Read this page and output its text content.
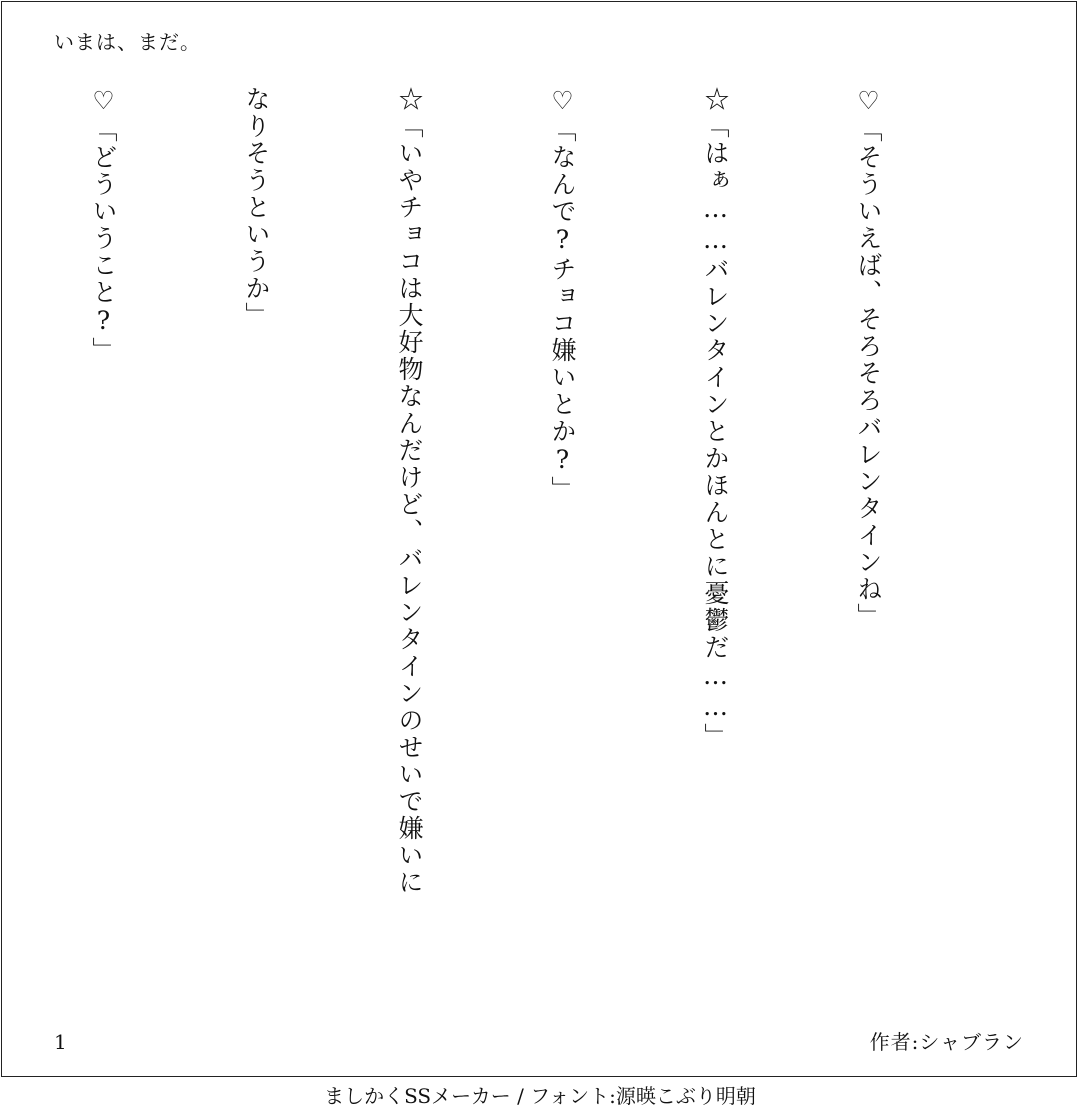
いまは、まだ。

♡「そういえば、そろそろバレンタインね」

☆「はぁ……バレンタインとかほんとに憂鬱だ……」

♡「なんで?チョコ嫌いとか?」

☆「いやチョコは大好物なんだけど、バレンタインのせいで嫌いに

なりそうというか」

♡「どういうこと?」

1	作者:シャブラン
ましかくSSメーカー / フォント:源暎こぶり明朝
